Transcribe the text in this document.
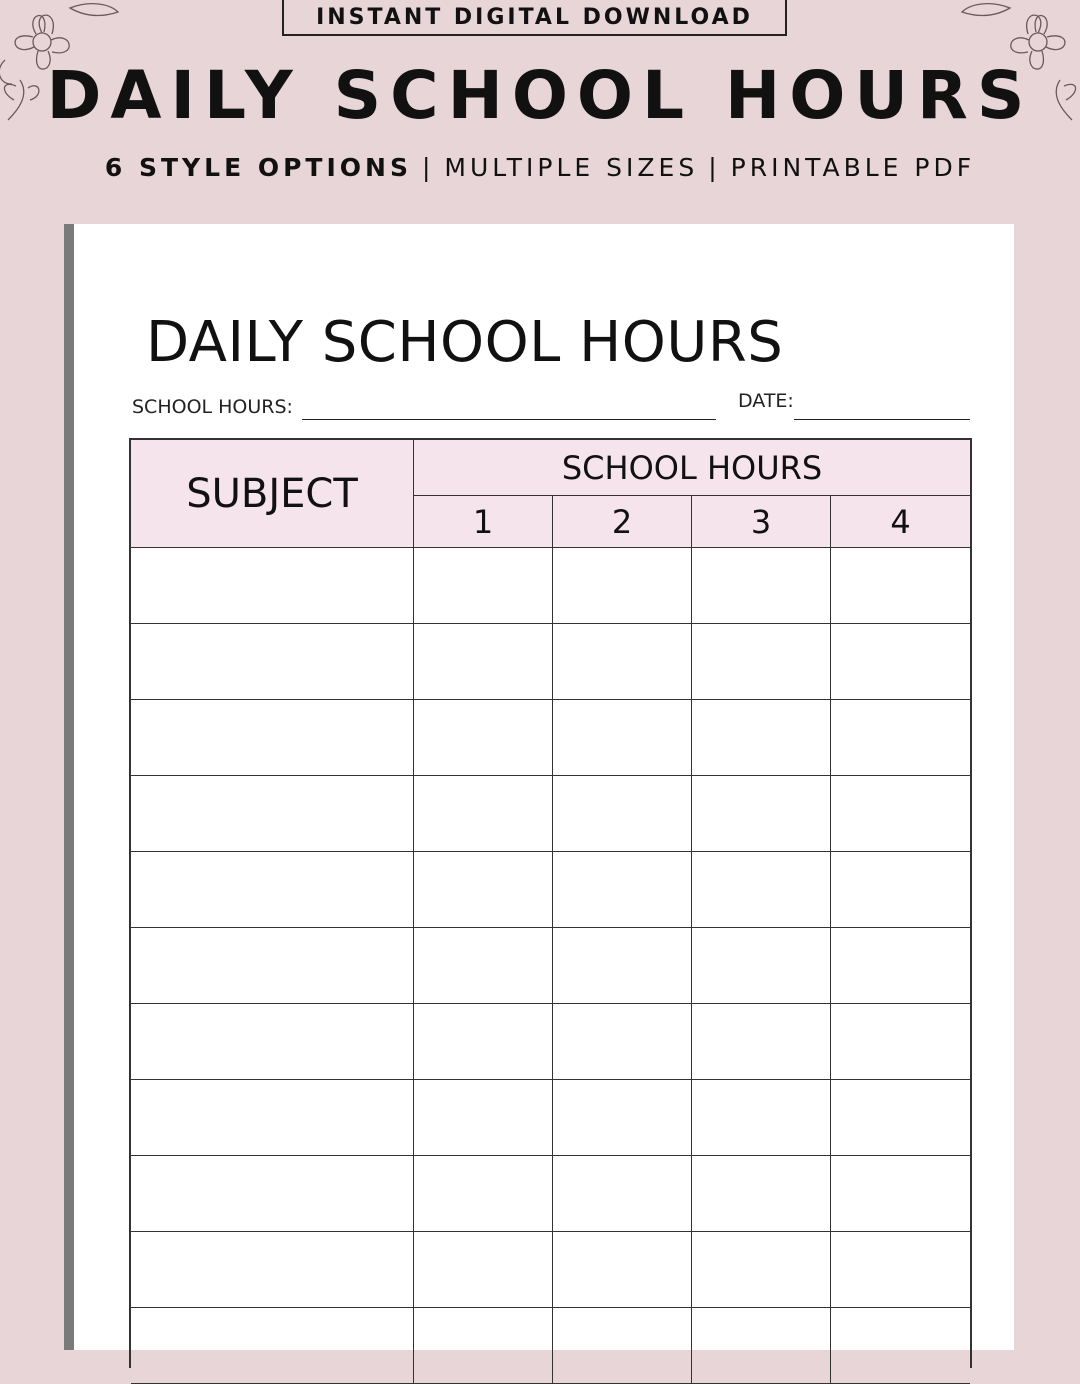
INSTANT DIGITAL DOWNLOAD
DAILY SCHOOL HOURS
6 STYLE OPTIONS | MULTIPLE SIZES | PRINTABLE PDF
DAILY SCHOOL HOURS
SCHOOL HOURS:	DATE:
SUBJECT
SCHOOL HOURS
1	2	3	4
